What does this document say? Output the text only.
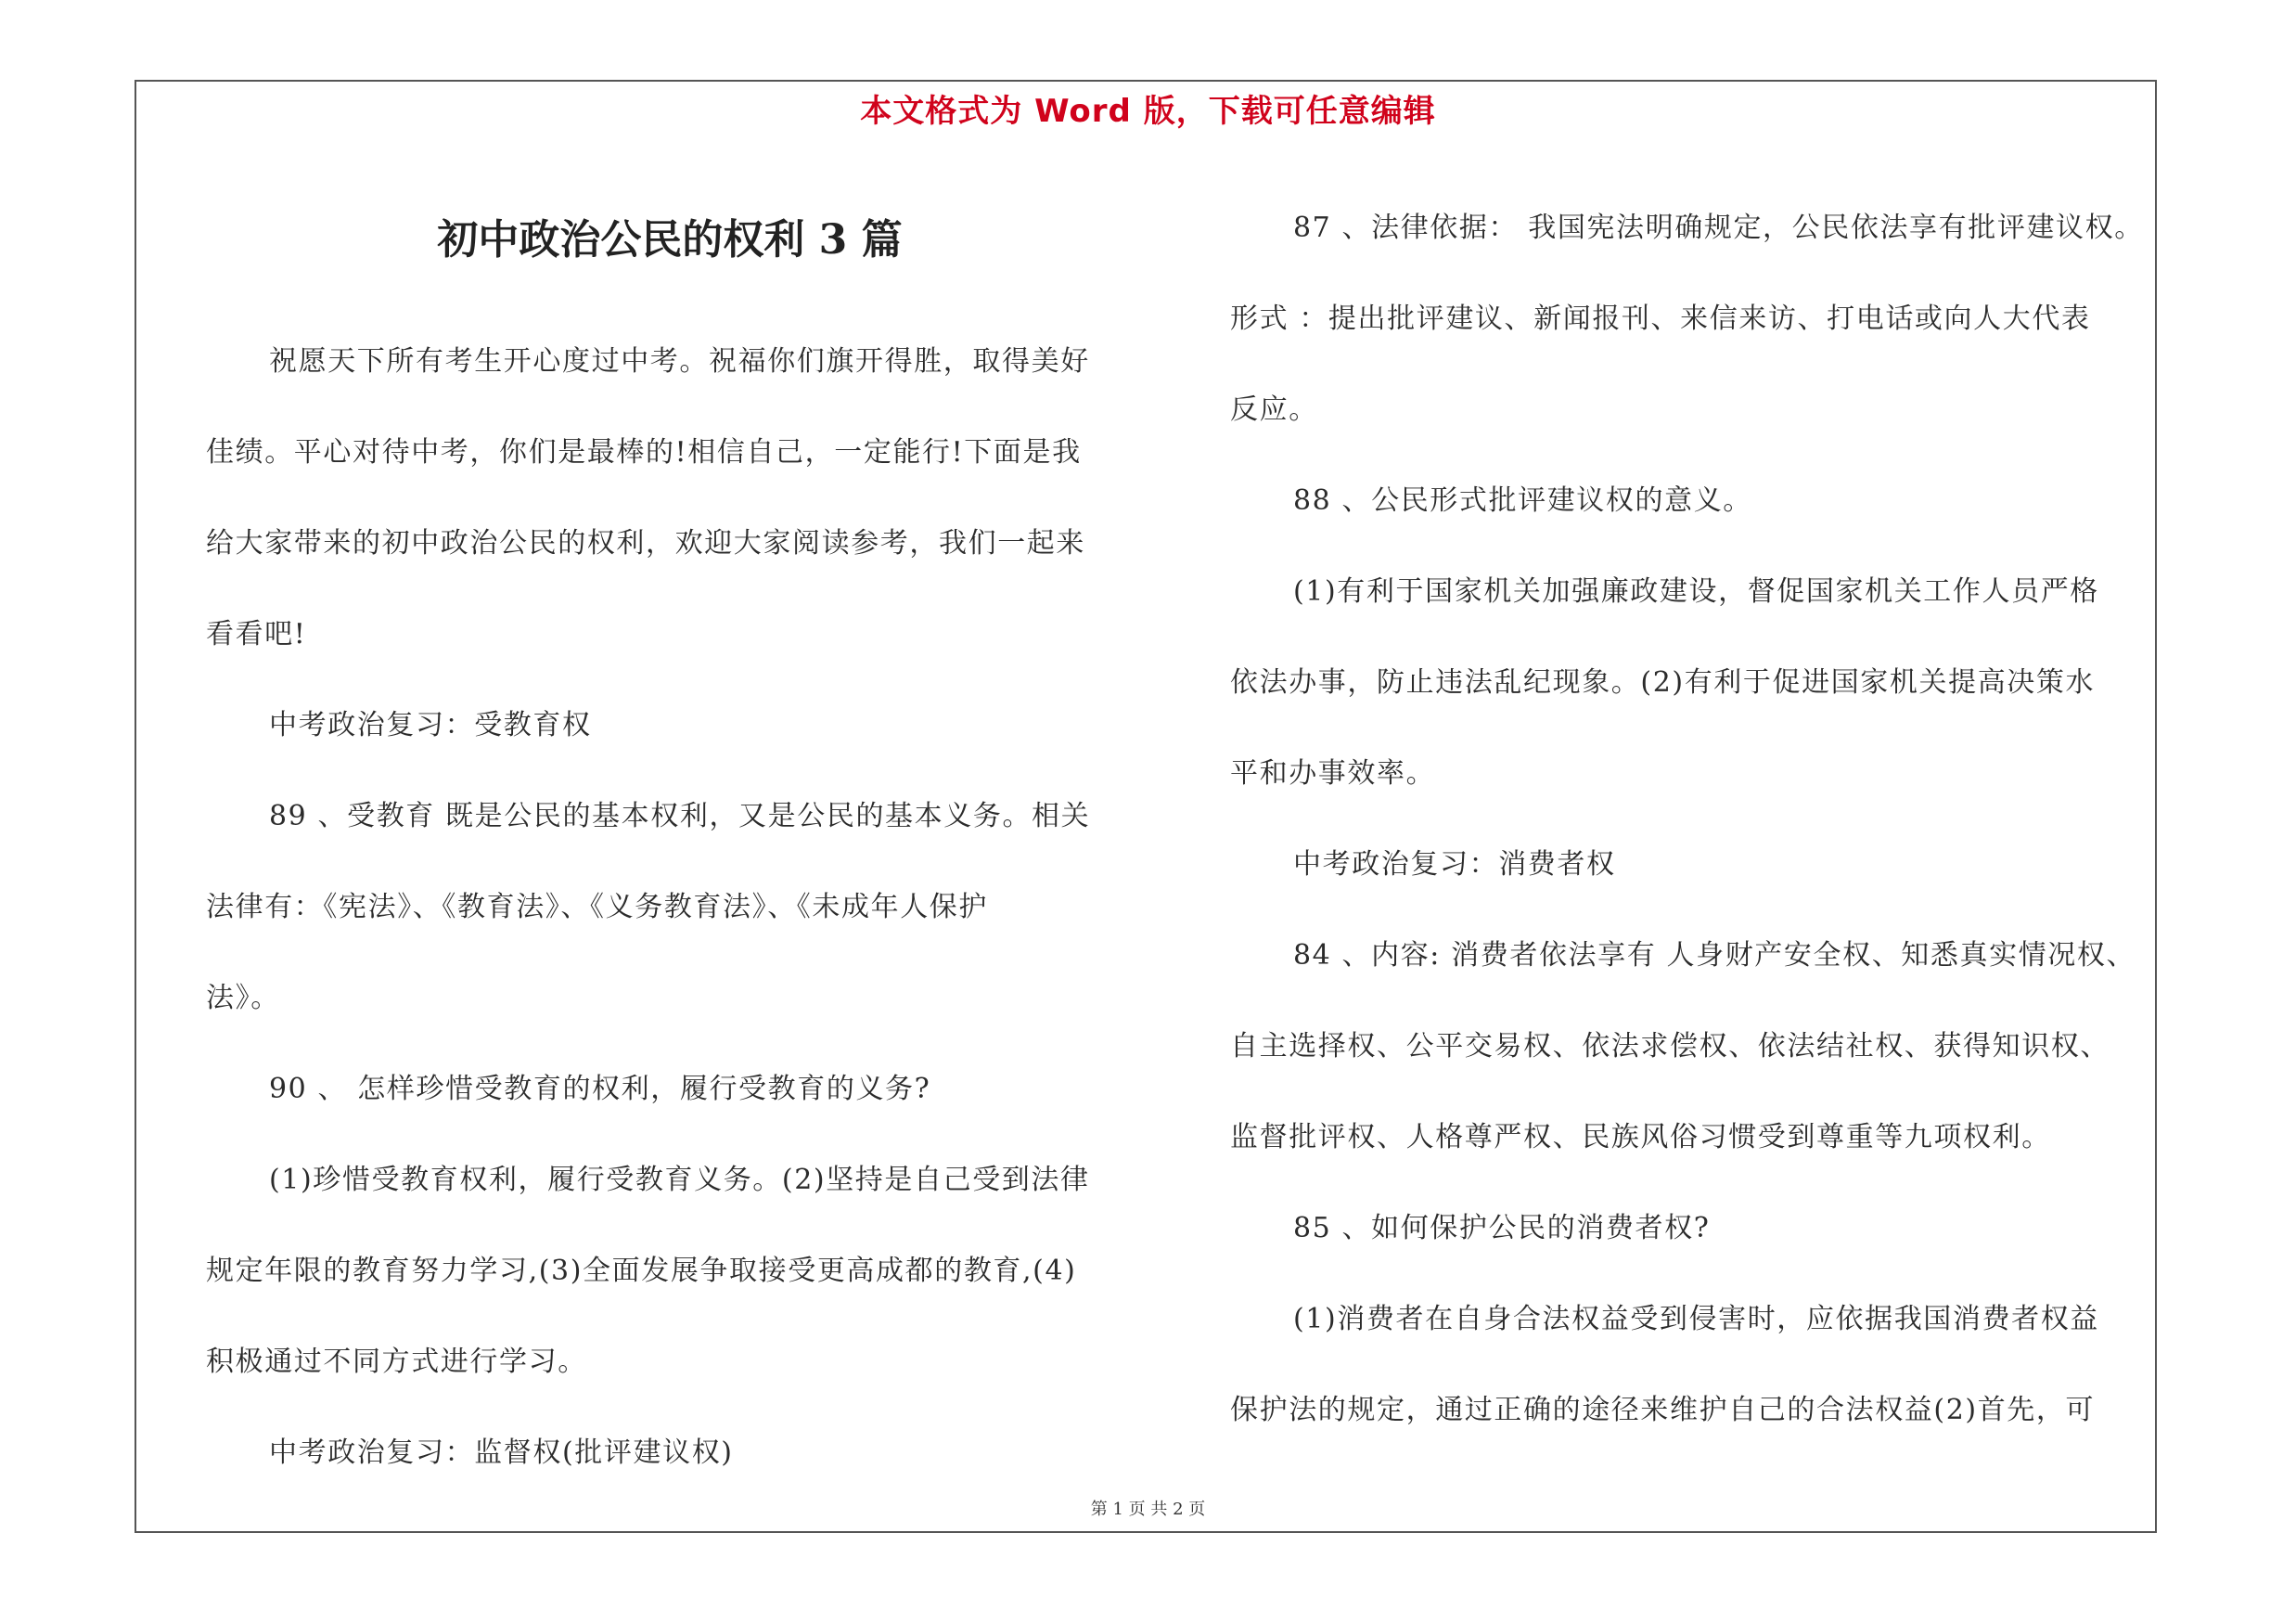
本文格式为 Word 版，下载可任意编辑
初中政治公民的权利 3 篇

祝愿天下所有考生开心度过中考。祝福你们旗开得胜，取得美好

佳绩。平心对待中考，你们是最棒的!相信自己，一定能行!下面是我

给大家带来的初中政治公民的权利，欢迎大家阅读参考，我们一起来

看看吧!

中考政治复习：受教育权

89 、受教育 既是公民的基本权利，又是公民的基本义务。相关

法律有：《宪法》、《教育法》、《义务教育法》、《未成年人保护

法》。

90 、 怎样珍惜受教育的权利，履行受教育的义务?

(1)珍惜受教育权利，履行受教育义务。(2)坚持是自己受到法律

规定年限的教育努力学习,(3)全面发展争取接受更高成都的教育,(4)

积极通过不同方式进行学习。

中考政治复习：监督权(批评建议权)

87 、法律依据： 我国宪法明确规定，公民依法享有批评建议权。

形式 ：提出批评建议、新闻报刊、来信来访、打电话或向人大代表

反应。

88 、公民形式批评建议权的意义。

(1)有利于国家机关加强廉政建设，督促国家机关工作人员严格

依法办事，防止违法乱纪现象。(2)有利于促进国家机关提高决策水

平和办事效率。

中考政治复习：消费者权

84 、内容: 消费者依法享有 人身财产安全权、知悉真实情况权、

自主选择权、公平交易权、依法求偿权、依法结社权、获得知识权、

监督批评权、人格尊严权、民族风俗习惯受到尊重等九项权利。

85 、如何保护公民的消费者权?

(1)消费者在自身合法权益受到侵害时，应依据我国消费者权益

保护法的规定，通过正确的途径来维护自己的合法权益(2)首先，可

第 1 页 共 2 页
